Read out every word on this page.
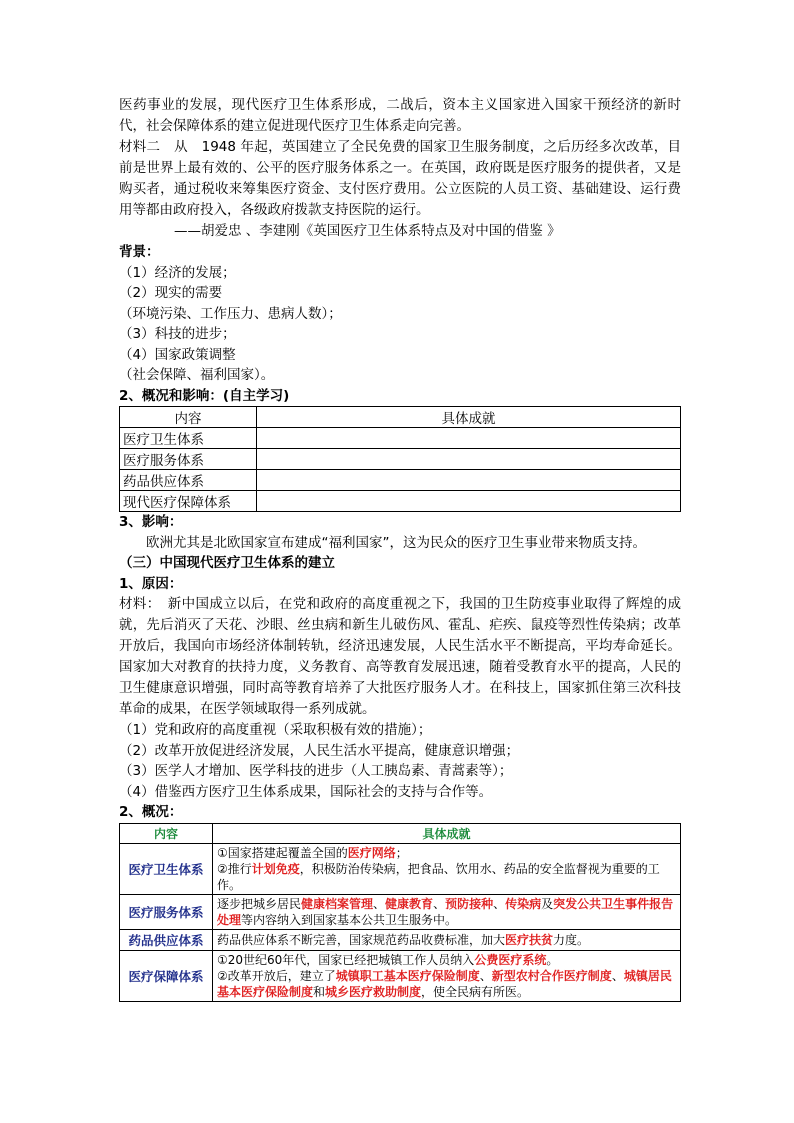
医药事业的发展，现代医疗卫生体系形成，二战后，资本主义国家进入国家干预经济的新时代，社会保障体系的建立促进现代医疗卫生体系走向完善。

材料二　从　1948 年起，英国建立了全民免费的国家卫生服务制度，之后历经多次改革，目前是世界上最有效的、公平的医疗服务体系之一。在英国，政府既是医疗服务的提供者，又是购买者，通过税收来筹集医疗资金、支付医疗费用。公立医院的人员工资、基础建设、运行费用等都由政府投入，各级政府拨款支持医院的运行。

——胡爱忠 、李建刚《英国医疗卫生体系特点及对中国的借鉴 》

背景：

（1）经济的发展；

（2）现实的需要

（环境污染、工作压力、患病人数）；

（3）科技的进步；

（4）国家政策调整

（社会保障、福利国家）。

2、概况和影响：(自主学习)

内容	具体成就
医疗卫生体系	
医疗服务体系	
药品供应体系	
现代医疗保障体系	

3、影响：

欧洲尤其是北欧国家宣布建成“福利国家”，这为民众的医疗卫生事业带来物质支持。

（三）中国现代医疗卫生体系的建立

1、原因：

材料：　新中国成立以后，在党和政府的高度重视之下，我国的卫生防疫事业取得了辉煌的成就，先后消灭了天花、沙眼、丝虫病和新生儿破伤风、霍乱、疟疾、鼠疫等烈性传染病；改革开放后，我国向市场经济体制转轨，经济迅速发展，人民生活水平不断提高，平均寿命延长。国家加大对教育的扶持力度，义务教育、高等教育发展迅速，随着受教育水平的提高，人民的卫生健康意识增强，同时高等教育培养了大批医疗服务人才。在科技上，国家抓住第三次科技革命的成果，在医学领域取得一系列成就。

（1）党和政府的高度重视（采取积极有效的措施）；

（2）改革开放促进经济发展，人民生活水平提高，健康意识增强；

（3）医学人才增加、医学科技的进步（人工胰岛素、青蒿素等）；

（4）借鉴西方医疗卫生体系成果，国际社会的支持与合作等。

2、概况：

内容	具体成就
医疗卫生体系	①国家搭建起覆盖全国的医疗网络；
②推行计划免疫，积极防治传染病，把食品、饮用水、药品的安全监督视为重要的工作。
医疗服务体系	逐步把城乡居民健康档案管理、健康教育、预防接种、传染病及突发公共卫生事件报告处理等内容纳入到国家基本公共卫生服务中。
药品供应体系	药品供应体系不断完善，国家规范药品收费标准，加大医疗扶贫力度。
医疗保障体系	①20世纪60年代，国家已经把城镇工作人员纳入公费医疗系统。
②改革开放后，建立了城镇职工基本医疗保险制度、新型农村合作医疗制度、城镇居民基本医疗保险制度和城乡医疗救助制度，使全民病有所医。
